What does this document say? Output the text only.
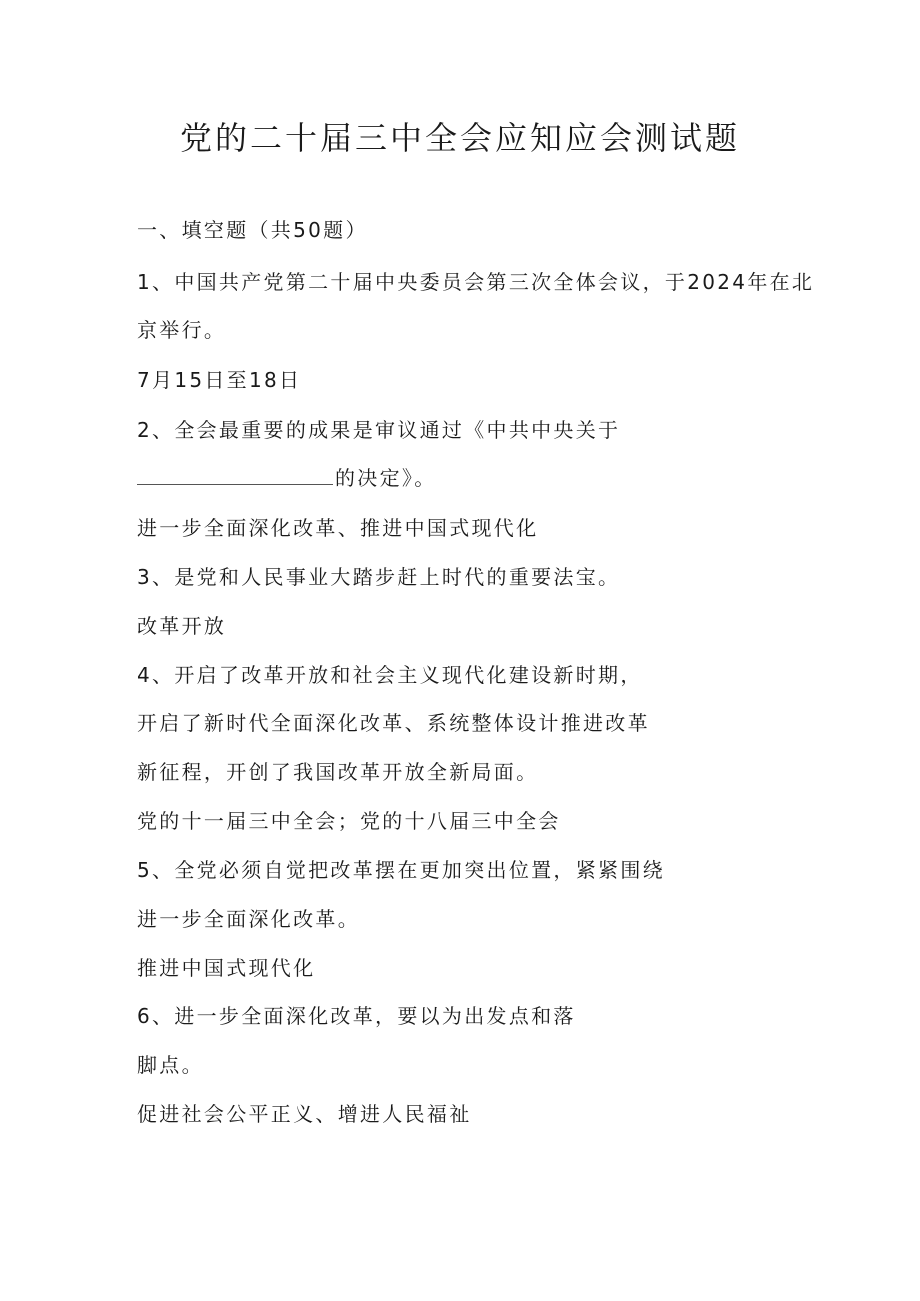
党的二十届三中全会应知应会测试题
一、填空题（共50题）
1、中国共产党第二十届中央委员会第三次全体会议，于2024年在北
京举行。
7月15日至18日
2、全会最重要的成果是审议通过《中共中央关于
的决定》。
进一步全面深化改革、推进中国式现代化
3、是党和人民事业大踏步赶上时代的重要法宝。
改革开放
4、开启了改革开放和社会主义现代化建设新时期，
开启了新时代全面深化改革、系统整体设计推进改革
新征程，开创了我国改革开放全新局面。
党的十一届三中全会；党的十八届三中全会
5、全党必须自觉把改革摆在更加突出位置，紧紧围绕
进一步全面深化改革。
推进中国式现代化
6、进一步全面深化改革，要以为出发点和落
脚点。
促进社会公平正义、增进人民福祉
